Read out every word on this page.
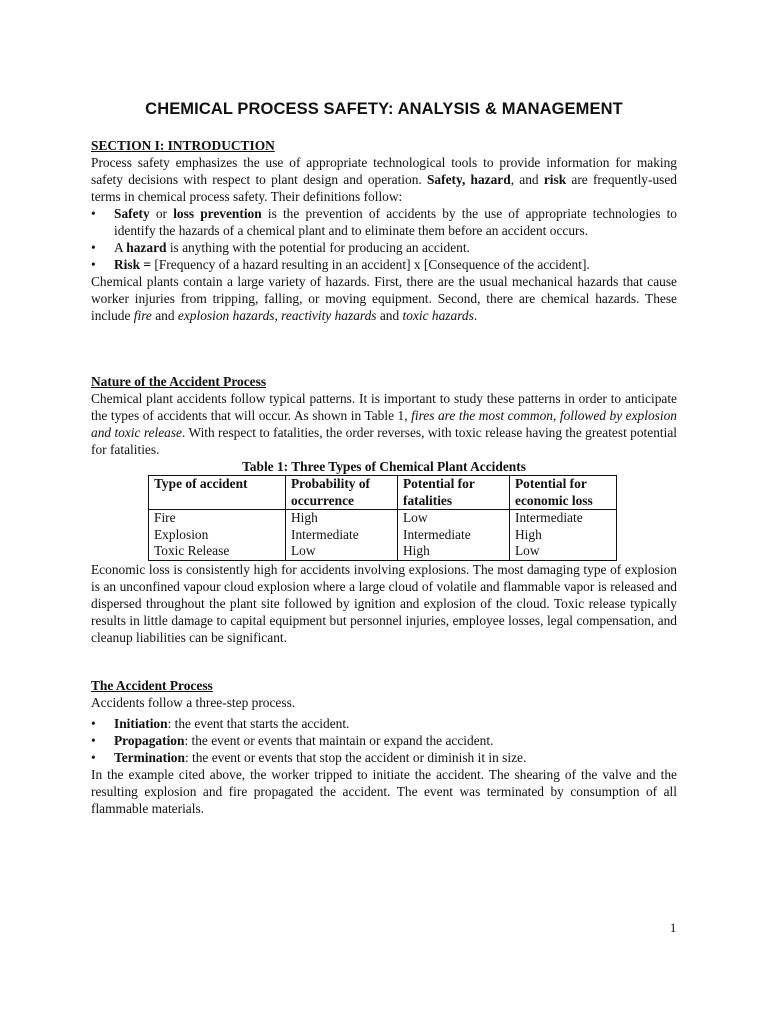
CHEMICAL PROCESS SAFETY: ANALYSIS & MANAGEMENT
SECTION I: INTRODUCTION

Process safety emphasizes the use of appropriate technological tools to provide information for making safety decisions with respect to plant design and operation. Safety, hazard, and risk are frequently-used terms in chemical process safety. Their definitions follow:

• Safety or loss prevention is the prevention of accidents by the use of appropriate technologies to identify the hazards of a chemical plant and to eliminate them before an accident occurs.
• A hazard is anything with the potential for producing an accident.
• Risk = [Frequency of a hazard resulting in an accident] x [Consequence of the accident].

Chemical plants contain a large variety of hazards. First, there are the usual mechanical hazards that cause worker injuries from tripping, falling, or moving equipment. Second, there are chemical hazards. These include fire and explosion hazards, reactivity hazards and toxic hazards.

Nature of the Accident Process

Chemical plant accidents follow typical patterns. It is important to study these patterns in order to anticipate the types of accidents that will occur. As shown in Table 1, fires are the most common, followed by explosion and toxic release. With respect to fatalities, the order reverses, with toxic release having the greatest potential for fatalities.

Table 1: Three Types of Chemical Plant Accidents
Type of accident	Probability of occurrence	Potential for fatalities	Potential for economic loss
Fire	High	Low	Intermediate
Explosion	Intermediate	Intermediate	High
Toxic Release	Low	High	Low

Economic loss is consistently high for accidents involving explosions. The most damaging type of explosion is an unconfined vapour cloud explosion where a large cloud of volatile and flammable vapor is released and dispersed throughout the plant site followed by ignition and explosion of the cloud. Toxic release typically results in little damage to capital equipment but personnel injuries, employee losses, legal compensation, and cleanup liabilities can be significant.

The Accident Process

Accidents follow a three-step process.

• Initiation: the event that starts the accident.
• Propagation: the event or events that maintain or expand the accident.
• Termination: the event or events that stop the accident or diminish it in size.

In the example cited above, the worker tripped to initiate the accident. The shearing of the valve and the resulting explosion and fire propagated the accident. The event was terminated by consumption of all flammable materials.

1
